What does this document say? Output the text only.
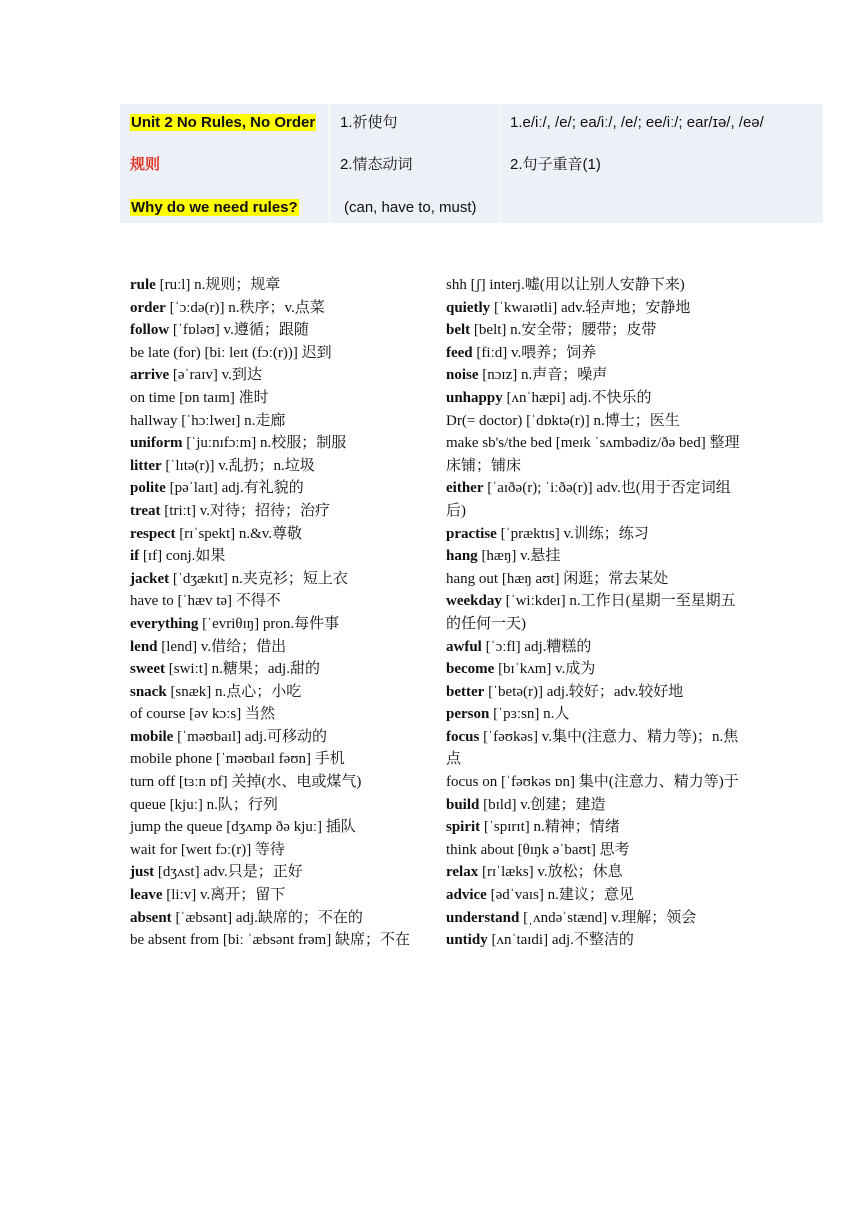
Unit 2 No Rules, No Order
规则
Why do we need rules?
1.祈使句
2.情态动词
(can, have to, must)
1.e/iː/, /e/; ea/iː/, /e/; ee/iː/; ear/ɪə/, /eə/
2.句子重音(1)

rule [ruːl] n.规则；规章

order [ˈɔːdə(r)] n.秩序；v.点菜

follow [ˈfɒləʊ] v.遵循；跟随

be late (for) [biː leɪt (fɔː(r))] 迟到

arrive [əˈraɪv] v.到达

on time [ɒn taɪm] 准时

hallway [ˈhɔːlweɪ] n.走廊

uniform [ˈjuːnɪfɔːm] n.校服；制服

litter [ˈlɪtə(r)] v.乱扔；n.垃圾

polite [pəˈlaɪt] adj.有礼貌的

treat [triːt] v.对待；招待；治疗

respect [rɪˈspekt] n.&v.尊敬

if [ɪf] conj.如果

jacket [ˈdʒækɪt] n.夹克衫；短上衣

have to [ˈhæv tə] 不得不

everything [ˈevriθɪŋ] pron.每件事

lend [lend] v.借给；借出

sweet [swiːt] n.糖果；adj.甜的

snack [snæk] n.点心；小吃

of course [əv kɔːs] 当然

mobile [ˈməʊbaɪl] adj.可移动的

mobile phone [ˈməʊbaɪl fəʊn] 手机

turn off [tɜːn ɒf] 关掉(水、电或煤气)

queue [kjuː] n.队；行列

jump the queue [dʒʌmp ðə kjuː] 插队

wait for [weɪt fɔː(r)] 等待

just [dʒʌst] adv.只是；正好

leave [liːv] v.离开；留下

absent [ˈæbsənt] adj.缺席的；不在的

be absent from [biː ˈæbsənt frəm] 缺席；不在

shh [ʃ] interj.嘘(用以让别人安静下来)

quietly [ˈkwaɪətli] adv.轻声地；安静地

belt [belt] n.安全带；腰带；皮带

feed [fiːd] v.喂养；饲养

noise [nɔɪz] n.声音；噪声

unhappy [ʌnˈhæpi] adj.不快乐的

Dr(= doctor) [ˈdɒktə(r)] n.博士；医生

make sb's/the bed [meɪk ˈsʌmbədiz/ðə bed] 整理床铺；铺床

either [ˈaɪðə(r); ˈiːðə(r)] adv.也(用于否定词组后)

practise [ˈpræktɪs] v.训练；练习

hang [hæŋ] v.悬挂

hang out [hæŋ aʊt] 闲逛；常去某处

weekday [ˈwiːkdeɪ] n.工作日(星期一至星期五的任何一天)

awful [ˈɔːfl] adj.糟糕的

become [bɪˈkʌm] v.成为

better [ˈbetə(r)] adj.较好；adv.较好地

person [ˈpɜːsn] n.人

focus [ˈfəʊkəs] v.集中(注意力、精力等)；n.焦点

focus on [ˈfəʊkəs ɒn] 集中(注意力、精力等)于

build [bɪld] v.创建；建造

spirit [ˈspɪrɪt] n.精神；情绪

think about [θɪŋk əˈbaʊt] 思考

relax [rɪˈlæks] v.放松；休息

advice [ədˈvaɪs] n.建议；意见

understand [ˌʌndəˈstænd] v.理解；领会

untidy [ʌnˈtaɪdi] adj.不整洁的
